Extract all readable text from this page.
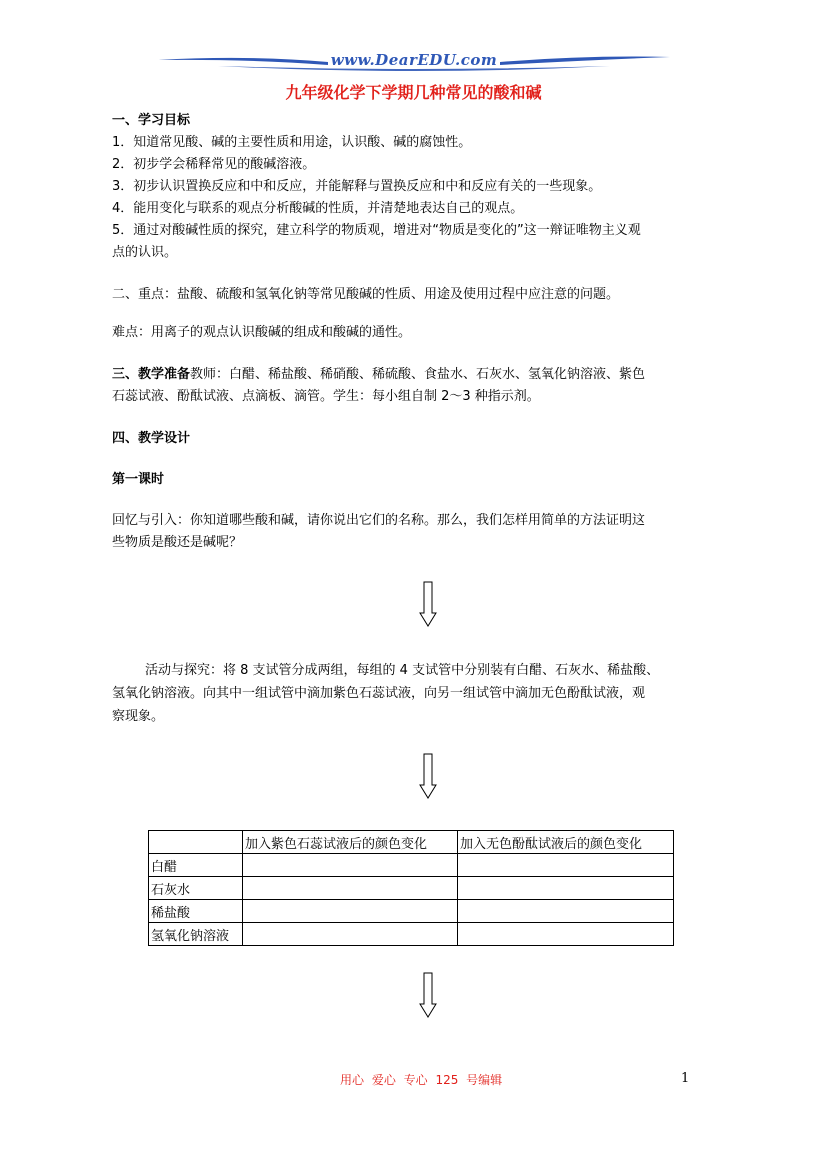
www.DearEDU.com
九年级化学下学期几种常见的酸和碱
一、学习目标
1．知道常见酸、碱的主要性质和用途，认识酸、碱的腐蚀性。
2．初步学会稀释常见的酸碱溶液。
3．初步认识置换反应和中和反应，并能解释与置换反应和中和反应有关的一些现象。
4．能用变化与联系的观点分析酸碱的性质，并清楚地表达自己的观点。
5．通过对酸碱性质的探究，建立科学的物质观，增进对“物质是变化的”这一辩证唯物主义观
点的认识。
二、重点：盐酸、硫酸和氢氧化钠等常见酸碱的性质、用途及使用过程中应注意的问题。
难点：用离子的观点认识酸碱的组成和酸碱的通性。
三、教学准备教师：白醋、稀盐酸、稀硝酸、稀硫酸、食盐水、石灰水、氢氧化钠溶液、紫色
石蕊试液、酚酞试液、点滴板、滴管。学生：每小组自制 2～3 种指示剂。
四、教学设计
第一课时
回忆与引入：你知道哪些酸和碱，请你说出它们的名称。那么，我们怎样用简单的方法证明这
些物质是酸还是碱呢？
活动与探究：将 8 支试管分成两组，每组的 4 支试管中分别装有白醋、石灰水、稀盐酸、
氢氧化钠溶液。向其中一组试管中滴加紫色石蕊试液，向另一组试管中滴加无色酚酞试液，观
察现象。
	加入紫色石蕊试液后的颜色变化	加入无色酚酞试液后的颜色变化
白醋		
石灰水		
稀盐酸		
氢氧化钠溶液		
用心 爱心 专心 125 号编辑	1
